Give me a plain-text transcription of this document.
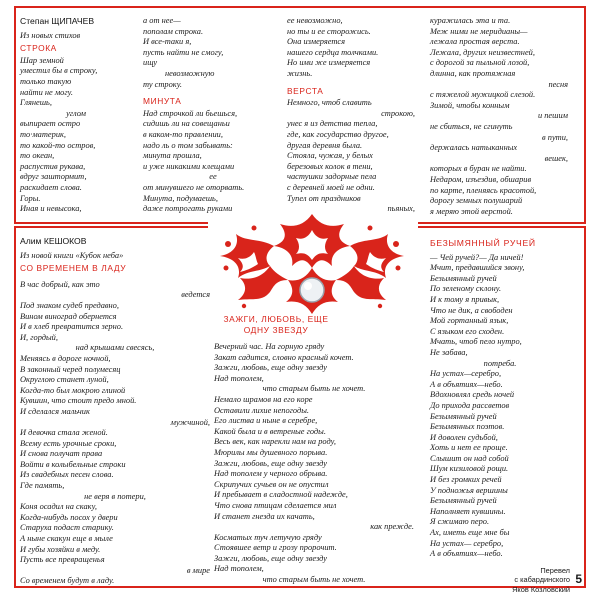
Степан ЩИПАЧЕВ
Из новых стихов
СТРОКА
Шар земной
уместил бы в строку,
только такую
найти не могу.
Глянешь,
углом
выпирает остро
то·материк,
то какой-то остров,
то океан,
распустив рукава,
вдруг заштормит,
раскидает слова.
Горы.
Иная и невысока,
а от нее—
пополам строка.
И все-таки я,
пусть найти не смогу,
ищу
невозможную
ту строку.
МИНУТА
Над строчкой ли бьешься,
сидишь ли на совещаньи
в каком-то правлении,
надо ль о том забывать:
минута прошла,
и уже никакими клещами
ее
от минувшего не оторвать.
Минута, подумаешь,
даже потрогать руками
ее невозможно,
но ты и ее сторожись.
Она измеряется
нашего сердца толчками.
Но ими же измеряется
жизнь.
ВЕРСТА
Немного, чтоб славить
строкою,
унес я из детства тепла,
где, как государство другое,
другая деревня была.
Стояла, чужая, у белых
березовых колок в тени,
частушки задорные пела
с деревней моей не одни.
Тупел от праздников
пьяных,
куражилась эта и та.
Меж ними не меридианы—
лежала простая верста.
Лежала, других неизвестней,
с дорогой за пыльной лозой,
длинна, как протяжная
песня
с тяжелой мужицкой слезой.
Зимой, чтобы конным
и пешим
не сбиться, не сгинуть
в пути,
держалась натыканных
вешек,
которых в буран не найти.
Недаром, изъездив, обшарив
по карте, пленяясь красотой,
дорогу земных полушарий
я меряю этой верстой.
Алим КЕШОКОВ
Из новой книги «Кубок неба»
СО ВРЕМЕНЕМ В ЛАДУ
В час добрый, как это
ведется
Под знаком судеб предавно,
Вином виноград обернется
И в хлеб превратится зерно.
И, гордый,
над крышами свесясь,
Меняясь в дороге ночной,
В законный черед полумесяц
Округлою станет луной,
Когда-то был мокрою глиной
Кувшин, что стоит предо мной.
И сделался мальчик
мужчиной,
И девочка стала женой.
Всему есть урочные сроки,
И снова получат права
Войти в колыбельные строки
Из свадебных песен слова.
Где память,
не веря в потери,
Коня осадил на скаку,
Когда-нибудь посох у двери
Старуха подаст старику.
А ныне скакун еще в мыле
И губы хозяйки в меду.
Пусть все превращенья
в мире
Со временем будут в ладу.
ЗАЖГИ, ЛЮБОВЬ, ЕЩЕ ОДНУ ЗВЕЗДУ
Вечерний час. На горную гряду
Закат садится, словно красный кочет.
Зажги, любовь, еще одну звезду
Над тополем,
что старым быть не хочет.
Немало шрамов на его коре
Оставили лихие непогоды.
Его листва и ныне в серебре,
Какой была и в ветреные годы.
Весь век, как нарекли нам на роду,
Мюрилы мы душевного порыва.
Зажги, любовь, еще одну звезду
Над тополем у черного обрыва.
Скрипучих сучьев он не опустил
И пребывает в сладостной надежде,
Что снова птицам сделается мил
И станет гнезда их качать,
как прежде.
Косматых туч летучую гряду
Стоявшее ветр и грозу пророчит.
Зажги, любовь, еще одну звезду
Над тополем,
что старым быть не хочет.
БЕЗЫМЯННЫЙ РУЧЕЙ
— Чей ручей?— Да ничей!
Мчит, предавшийся звону,
Безымянный ручей
По зеленому склону.
И к тому я привык,
Что не дик, а свободен
Мой гортанный язык,
С языком его сходен.
Мчать, чтоб пело нутро,
Не забава,
потреба.
На устах—серебро,
А в объятиях—небо.
Вдохновлял средь ночей
До прихода рассветов
Безымянный ручей
Безымянных поэтов.
И доволен судьбой,
Хоть и нет ее проще.
Слышит он над собой
Шум кизиловой рощи.
И без громких речей
У подножья вершины
Безымянный ручей
Наполняет кувшины.
Я сжимаю перо.
Ах, иметь еще мне бы
На устах— серебро,
А в объятиях—небо.
Перевел
с кабардинского
Яков Козловский
5
